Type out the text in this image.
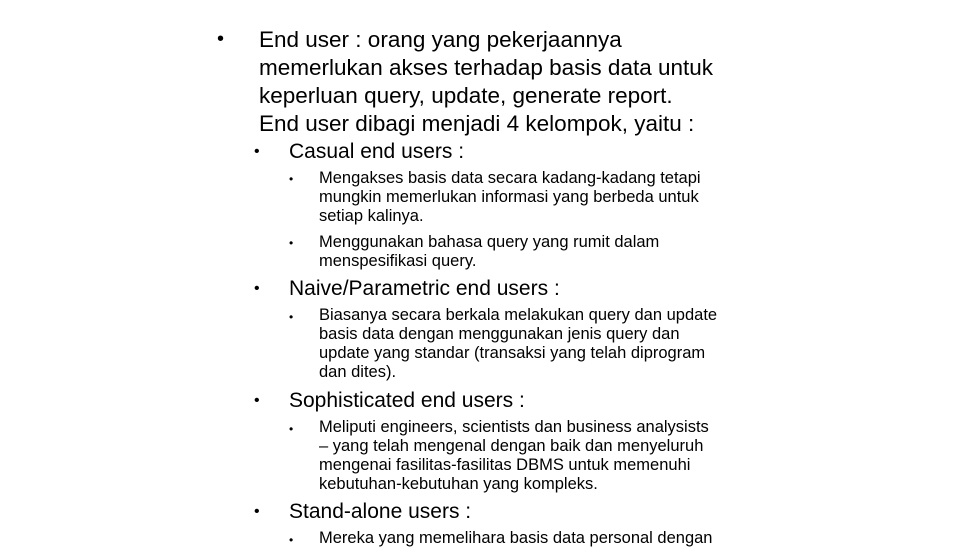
• End user : orang yang pekerjaannya
memerlukan akses terhadap basis data untuk
keperluan query, update, generate report.
End user dibagi menjadi 4 kelompok, yaitu :
• Casual end users :
• Mengakses basis data secara kadang-kadang tetapi
mungkin memerlukan informasi yang berbeda untuk
setiap kalinya.
• Menggunakan bahasa query yang rumit dalam
menspesifikasi query.
• Naive/Parametric end users :
• Biasanya secara berkala melakukan query dan update
basis data dengan menggunakan jenis query dan
update yang standar (transaksi yang telah diprogram
dan dites).
• Sophisticated end users :
• Meliputi engineers, scientists dan business analysists
– yang telah mengenal dengan baik dan menyeluruh
mengenai fasilitas-fasilitas DBMS untuk memenuhi
kebutuhan-kebutuhan yang kompleks.
• Stand-alone users :
• Mereka yang memelihara basis data personal dengan
